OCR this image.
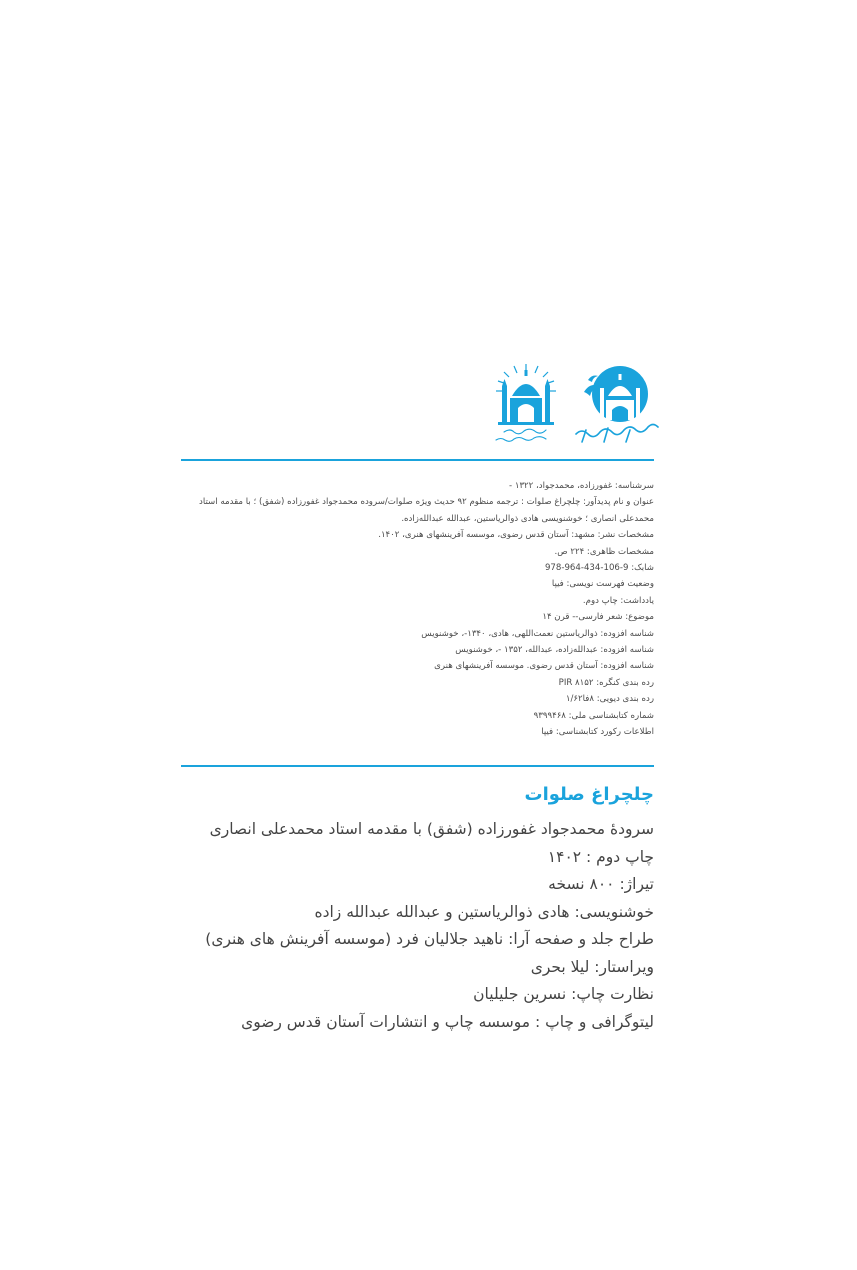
سرشناسه: غفورزاده، محمدجواد، ۱۳۲۲ -
عنوان و نام پدیدآور: چلچراغ صلوات : ترجمه منظوم ۹۲ حدیث ویژه صلوات/سروده محمدجواد غفورزاده (شفق) ؛ با مقدمه استاد محمدعلی انصاری ؛ خوشنویسی هادی ذوالریاستین، عبدالله عبدالله‌زاده.
مشخصات نشر: مشهد: آستان قدس رضوی، موسسه آفرینشهای هنری، ۱۴۰۲.
مشخصات ظاهری: ۲۲۴ ص.
شابک: 9-106-434-964-978
وضعیت فهرست نویسی: فیپا
یادداشت: چاپ دوم.
موضوع: شعر فارسی-- قرن ۱۴
شناسه افزوده: ذوالریاستین نعمت‌اللهی، هادی، ۱۳۴۰-، خوشنویس
شناسه افزوده: عبدالله‌زاده، عبدالله، ۱۳۵۲ -، خوشنویس
شناسه افزوده: آستان قدس رضوی. موسسه آفرینشهای هنری
رده بندی کنگره: PIR ۸۱۵۲
رده بندی دیویی: ۸فا۱/۶۲
شماره کتابشناسی ملی: ۹۳۹۹۴۶۸
اطلاعات رکورد کتابشناسی: فیپا
چلچراغ صلوات
سرودهٔ محمدجواد غفورزاده (شفق) با مقدمه استاد محمدعلی انصاری
چاپ دوم : ۱۴۰۲
تیراژ: ۸۰۰ نسخه
خوشنویسی: هادی ذوالریاستین و عبدالله عبدالله زاده
طراح جلد و صفحه آرا: ناهید جلالیان فرد (موسسه آفرینش های هنری)
ویراستار: لیلا بحری
نظارت چاپ: نسرین جلیلیان
لیتوگرافی و چاپ : موسسه چاپ و انتشارات آستان قدس رضوی
